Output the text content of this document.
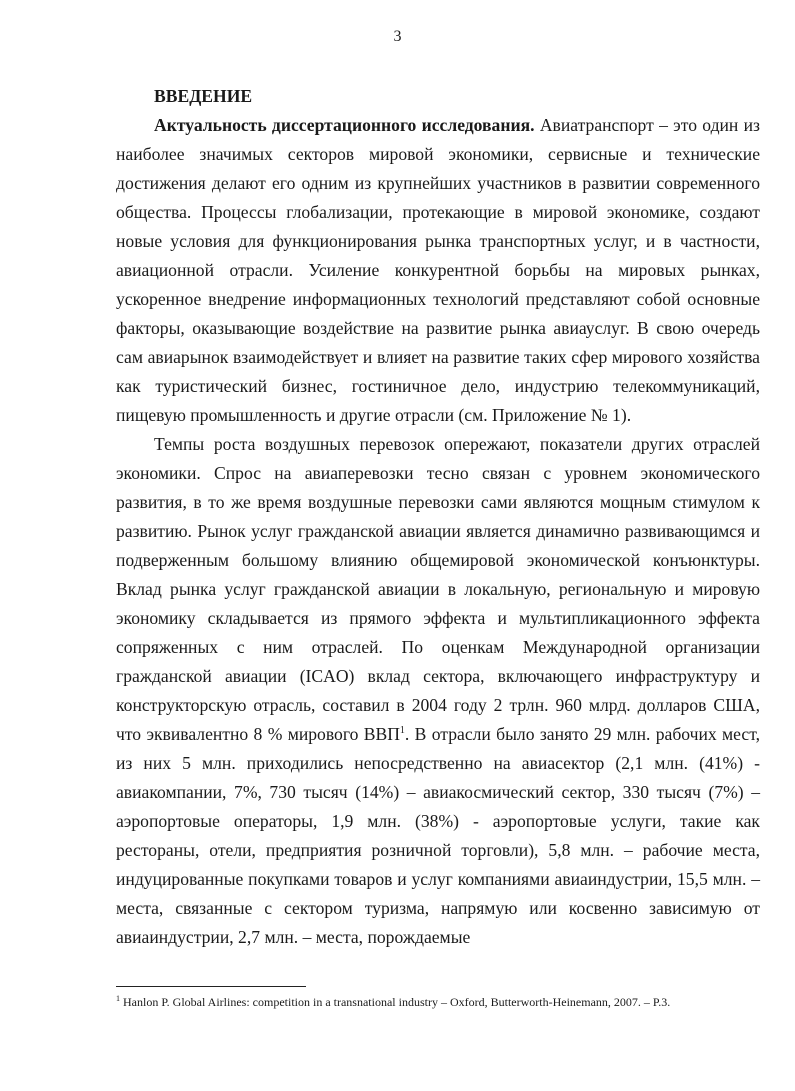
3

ВВЕДЕНИЕ

Актуальность диссертационного исследования. Авиатранспорт – это один из наиболее значимых секторов мировой экономики, сервисные и технические достижения делают его одним из крупнейших участников в развитии современного общества. Процессы глобализации, протекающие в мировой экономике, создают новые условия для функционирования рынка транспортных услуг, и в частности, авиационной отрасли. Усиление конкурентной борьбы на мировых рынках, ускоренное внедрение информационных технологий представляют собой основные факторы, оказывающие воздействие на развитие рынка авиауслуг. В свою очередь сам авиарынок взаимодействует и влияет на развитие таких сфер мирового хозяйства как туристический бизнес, гостиничное дело, индустрию телекоммуникаций, пищевую промышленность и другие отрасли (см. Приложение № 1).

Темпы роста воздушных перевозок опережают, показатели других отраслей экономики. Спрос на авиаперевозки тесно связан с уровнем экономического развития, в то же время воздушные перевозки сами являются мощным стимулом к развитию. Рынок услуг гражданской авиации является динамично развивающимся и подверженным большому влиянию общемировой экономической конъюнктуры. Вклад рынка услуг гражданской авиации в локальную, региональную и мировую экономику складывается из прямого эффекта и мультипликационного эффекта сопряженных с ним отраслей. По оценкам Международной организации гражданской авиации (ICAO) вклад сектора, включающего инфраструктуру и конструкторскую отрасль, составил в 2004 году 2 трлн. 960 млрд. долларов США, что эквивалентно 8 % мирового ВВП$^1$. В отрасли было занято 29 млн. рабочих мест, из них 5 млн. приходились непосредственно на авиасектор (2,1 млн. (41%) - авиакомпании, 7%, 730 тысяч (14%) – авиакосмический сектор, 330 тысяч (7%) – аэропортовые операторы, 1,9 млн. (38%) - аэропортовые услуги, такие как рестораны, отели, предприятия розничной торговли), 5,8 млн. – рабочие места, индуцированные покупками товаров и услуг компаниями авиаиндустрии, 15,5 млн. – места, связанные с сектором туризма, напрямую или косвенно зависимую от авиаиндустрии, 2,7 млн. – места, порождаемые

$^1$ Hanlon P. Global Airlines: competition in a transnational industry – Oxford, Butterworth-Heinemann, 2007. – P.3.
